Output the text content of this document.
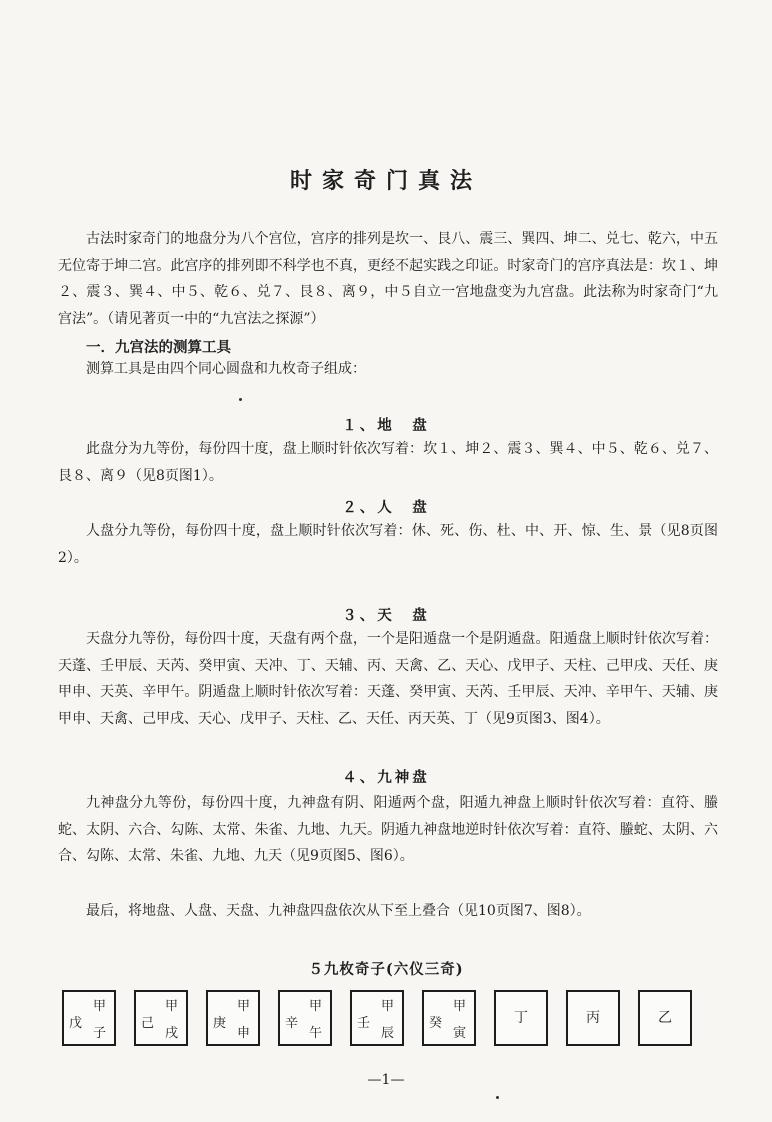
时家奇门真法
古法时家奇门的地盘分为八个宫位，宫序的排列是坎一、艮八、震三、巽四、坤二、兑七、乾六，中五无位寄于坤二宫。此宫序的排列即不科学也不真，更经不起实践之印证。时家奇门的宫序真法是：坎１、坤２、震３、巽４、中５、乾６、兑７、艮８、离９，中５自立一宫地盘变为九宫盘。此法称为时家奇门“九宫法”。（请见著页一中的“九宫法之探源”）
一．九宫法的测算工具
测算工具是由四个同心圆盘和九枚奇子组成：
１、地　盘
此盘分为九等份，每份四十度，盘上顺时针依次写着：坎１、坤２、震３、巽４、中５、乾６、兑７、艮８、离９（见8页图1）。
２、人　盘
人盘分九等份，每份四十度，盘上顺时针依次写着：休、死、伤、杜、中、开、惊、生、景（见8页图2）。
３、天　盘
天盘分九等份，每份四十度，天盘有两个盘，一个是阳遁盘一个是阴遁盘。阳遁盘上顺时针依次写着：天蓬、壬甲辰、天芮、癸甲寅、天冲、丁、天辅、丙、天禽、乙、天心、戊甲子、天柱、己甲戌、天任、庚甲申、天英、辛甲午。阴遁盘上顺时针依次写着：天蓬、癸甲寅、天芮、壬甲辰、天冲、辛甲午、天辅、庚甲申、天禽、己甲戌、天心、戊甲子、天柱、乙、天任、丙天英、丁（见9页图3、图4）。
４、九神盘
九神盘分九等份，每份四十度，九神盘有阴、阳遁两个盘，阳遁九神盘上顺时针依次写着：直符、螣蛇、太阴、六合、勾陈、太常、朱雀、九地、九天。阴遁九神盘地逆时针依次写着：直符、螣蛇、太阴、六合、勾陈、太常、朱雀、九地、九天（见9页图5、图6）。
最后，将地盘、人盘、天盘、九神盘四盘依次从下至上叠合（见10页图7、图8）。
５九枚奇子(六仪三奇)
戊
甲
子
己
甲
戌
庚
甲
申
辛
甲
午
壬
甲
辰
癸
甲
寅
丁	丙	乙
—1—
